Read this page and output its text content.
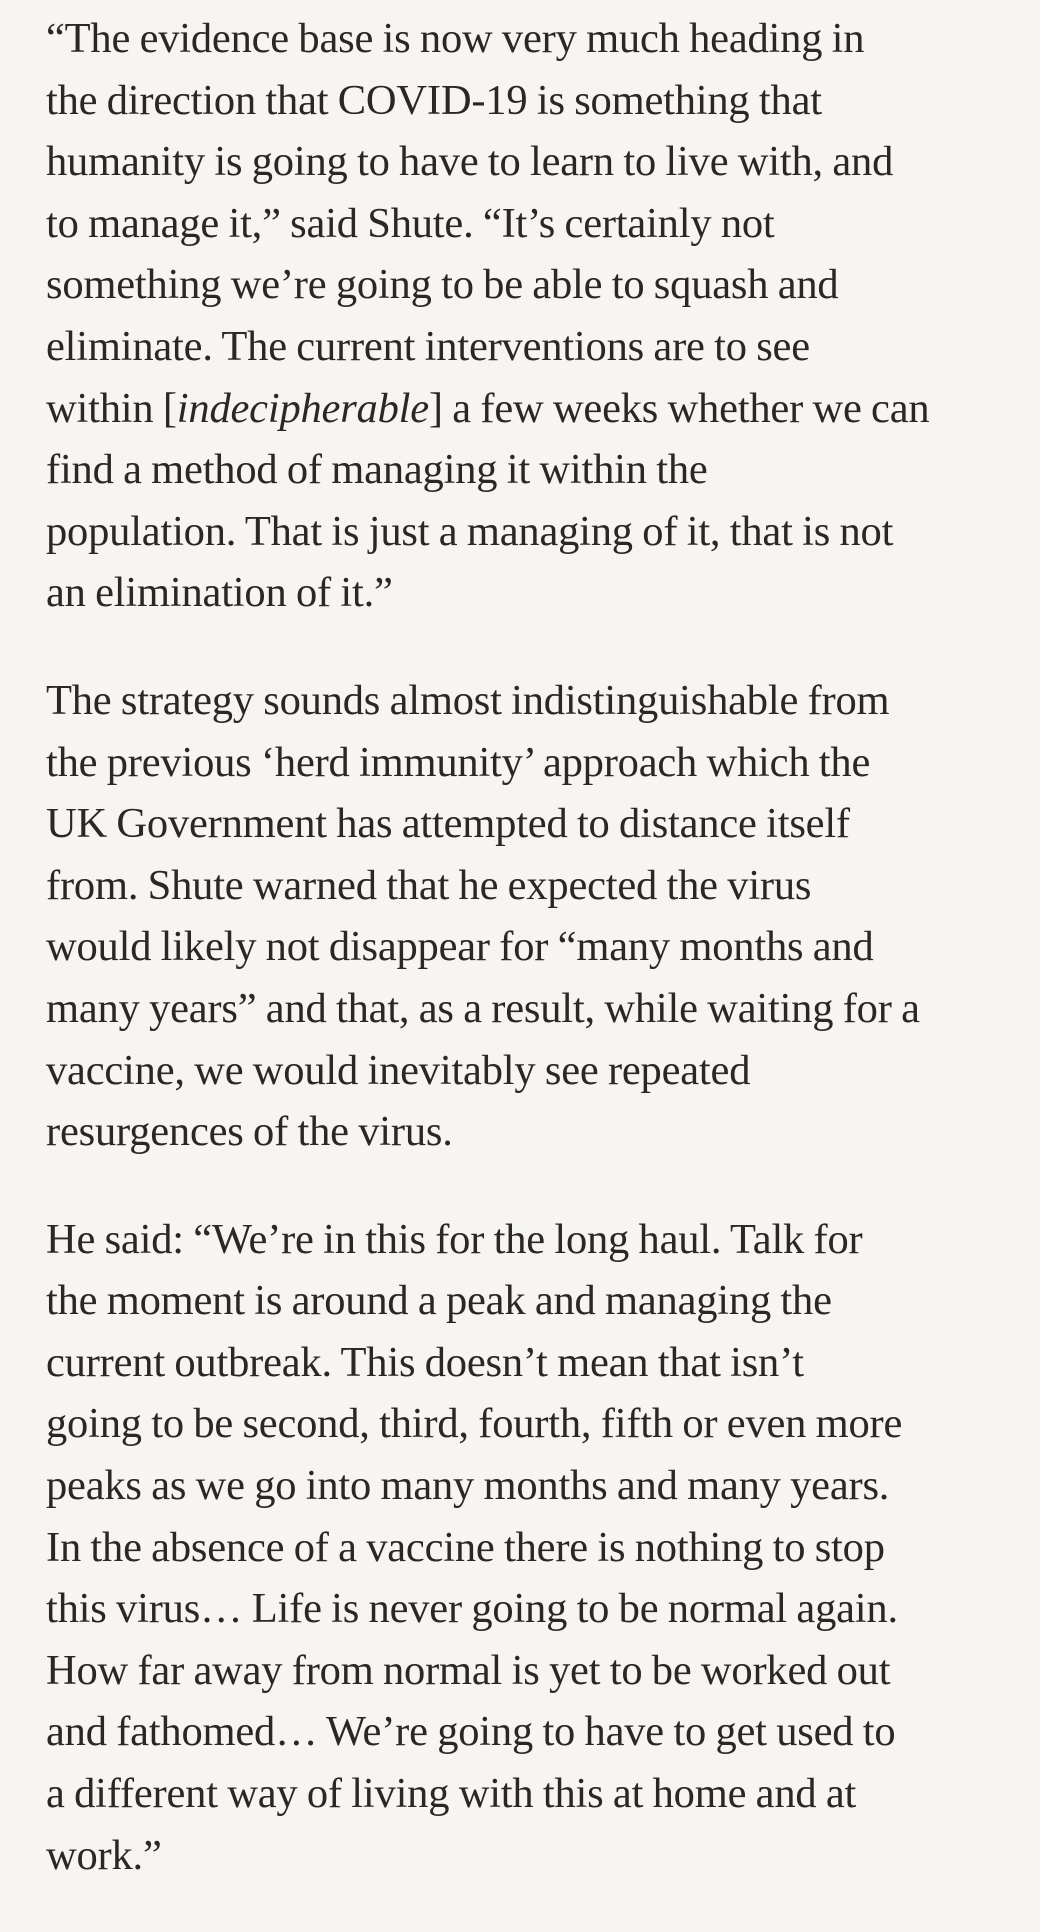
“The evidence base is now very much heading in
the direction that COVID-19 is something that
humanity is going to have to learn to live with, and
to manage it,” said Shute. “It’s certainly not
something we’re going to be able to squash and
eliminate. The current interventions are to see
within [indecipherable] a few weeks whether we can
find a method of managing it within the
population. That is just a managing of it, that is not
an elimination of it.”

The strategy sounds almost indistinguishable from
the previous ‘herd immunity’ approach which the
UK Government has attempted to distance itself
from. Shute warned that he expected the virus
would likely not disappear for “many months and
many years” and that, as a result, while waiting for a
vaccine, we would inevitably see repeated
resurgences of the virus.

He said: “We’re in this for the long haul. Talk for
the moment is around a peak and managing the
current outbreak. This doesn’t mean that isn’t
going to be second, third, fourth, fifth or even more
peaks as we go into many months and many years.
In the absence of a vaccine there is nothing to stop
this virus… Life is never going to be normal again.
How far away from normal is yet to be worked out
and fathomed… We’re going to have to get used to
a different way of living with this at home and at
work.”
